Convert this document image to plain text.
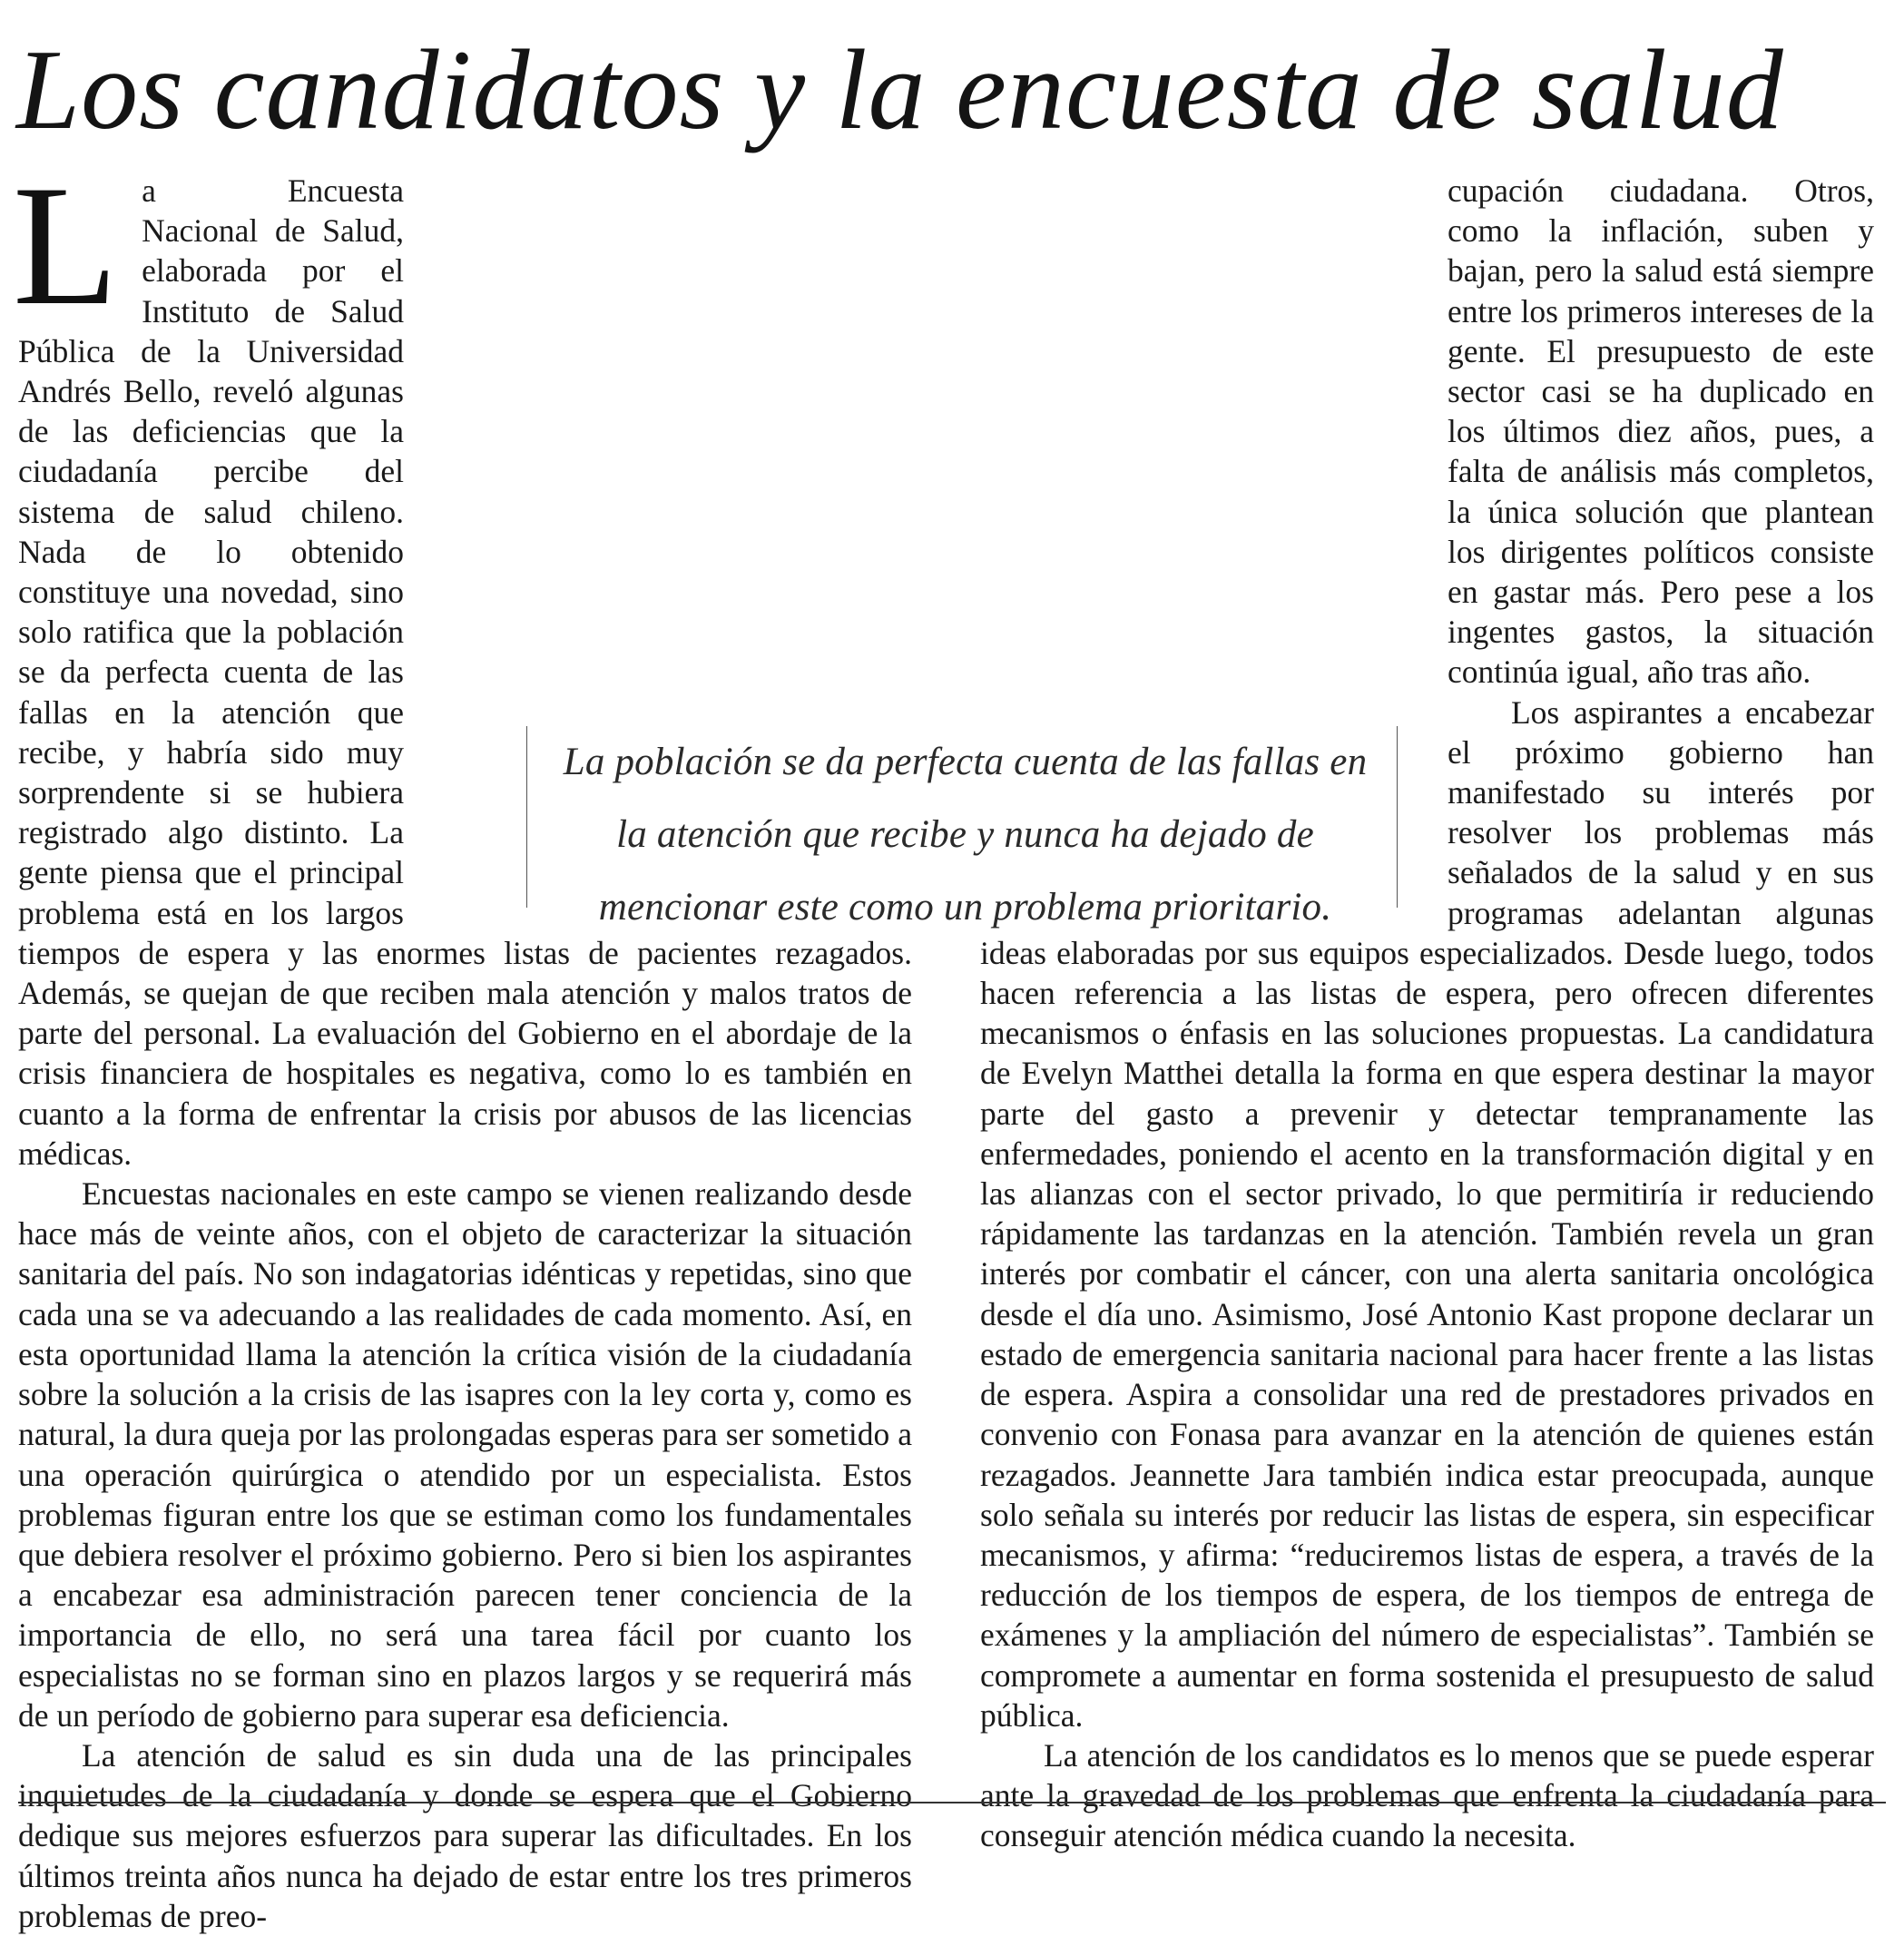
Los candidatos y la encuesta de salud
L a Encuesta Nacional de Salud, elaborada por el Instituto de Salud Pública de la Universidad Andrés Bello, reveló algunas de las deficiencias que la ciudadanía percibe del sistema de salud chileno. Nada de lo obtenido constituye una novedad, sino solo ratifica que la población se da perfecta cuenta de las fallas en la atención que recibe, y habría sido muy sorprendente si se hubiera registrado algo distinto. La gente piensa que el principal problema está en los largos tiempos de espera y las enormes listas de pacientes rezagados. Además, se quejan de que reciben mala atención y malos tratos de parte del personal. La evaluación del Gobierno en el abordaje de la crisis financiera de hospitales es negativa, como lo es también en cuanto a la forma de enfrentar la crisis por abusos de las licencias médicas.

Encuestas nacionales en este campo se vienen realizando desde hace más de veinte años, con el objeto de caracterizar la situación sanitaria del país. No son indagatorias idénticas y repetidas, sino que cada una se va adecuando a las realidades de cada momento. Así, en esta oportunidad llama la atención la crítica visión de la ciudadanía sobre la solución a la crisis de las isapres con la ley corta y, como es natural, la dura queja por las prolongadas esperas para ser sometido a una operación quirúrgica o atendido por un especialista. Estos problemas figuran entre los que se estiman como los fundamentales que debiera resolver el próximo gobierno. Pero si bien los aspirantes a encabezar esa administración parecen tener conciencia de la importancia de ello, no será una tarea fácil por cuanto los especialistas no se forman sino en plazos largos y se requerirá más de un período de gobierno para superar esa deficiencia.

La atención de salud es sin duda una de las principales inquietudes de la ciudadanía y donde se espera que el Gobierno dedique sus mejores esfuerzos para superar las dificultades. En los últimos treinta años nunca ha dejado de estar entre los tres primeros problemas de preo-

cupación ciudadana. Otros, como la inflación, suben y bajan, pero la salud está siempre entre los primeros intereses de la gente. El presupuesto de este sector casi se ha duplicado en los últimos diez años, pues, a falta de análisis más completos, la única solución que plantean los dirigentes políticos consiste en gastar más. Pero pese a los ingentes gastos, la situación continúa igual, año tras año.

Los aspirantes a encabezar el próximo gobierno han manifestado su interés por resolver los problemas más señalados de la salud y en sus programas adelantan algunas ideas elaboradas por sus equipos especializados. Desde luego, todos hacen referencia a las listas de espera, pero ofrecen diferentes mecanismos o énfasis en las soluciones propuestas. La candidatura de Evelyn Matthei detalla la forma en que espera destinar la mayor parte del gasto a prevenir y detectar tempranamente las enfermedades, poniendo el acento en la transformación digital y en las alianzas con el sector privado, lo que permitiría ir reduciendo rápidamente las tardanzas en la atención. También revela un gran interés por combatir el cáncer, con una alerta sanitaria oncológica desde el día uno. Asimismo, José Antonio Kast propone declarar un estado de emergencia sanitaria nacional para hacer frente a las listas de espera. Aspira a consolidar una red de prestadores privados en convenio con Fonasa para avanzar en la atención de quienes están rezagados. Jeannette Jara también indica estar preocupada, aunque solo señala su interés por reducir las listas de espera, sin especificar mecanismos, y afirma: “reduciremos listas de espera, a través de la reducción de los tiempos de espera, de los tiempos de entrega de exámenes y la ampliación del número de especialistas”. También se compromete a aumentar en forma sostenida el presupuesto de salud pública.

La atención de los candidatos es lo menos que se puede esperar ante la gravedad de los problemas que enfrenta la ciudadanía para conseguir atención médica cuando la necesita.

La población se da perfecta cuenta de las fallas en la atención que recibe y nunca ha dejado de mencionar este como un problema prioritario.
